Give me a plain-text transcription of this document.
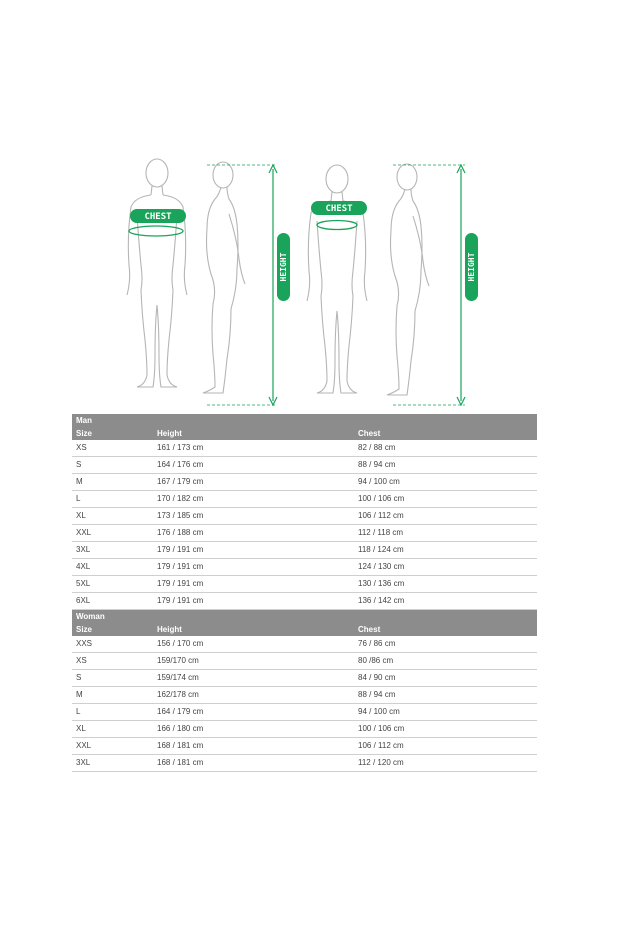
HEIGHT	HEIGHT
CHEST
CHEST
Man		
Size	Height	Chest
XS	161 / 173 cm	82 / 88 cm
S	164 / 176 cm	88 / 94 cm
M	167 / 179 cm	94 / 100 cm
L	170 / 182 cm	100 / 106 cm
XL	173 / 185 cm	106 / 112 cm
XXL	176 / 188 cm	112 / 118 cm
3XL	179 / 191 cm	118 / 124 cm
4XL	179 / 191 cm	124 / 130 cm
5XL	179 / 191 cm	130 / 136 cm
6XL	179 / 191 cm	136 / 142 cm
Woman		
Size	Height	Chest
XXS	156 / 170 cm	76 / 86 cm
XS	159/170 cm	80 /86 cm
S	159/174 cm	84 / 90 cm
M	162/178 cm	88 / 94 cm
L	164 / 179 cm	94 / 100 cm
XL	166 / 180 cm	100 / 106 cm
XXL	168 / 181 cm	106 / 112 cm
3XL	168 / 181 cm	112 / 120 cm
